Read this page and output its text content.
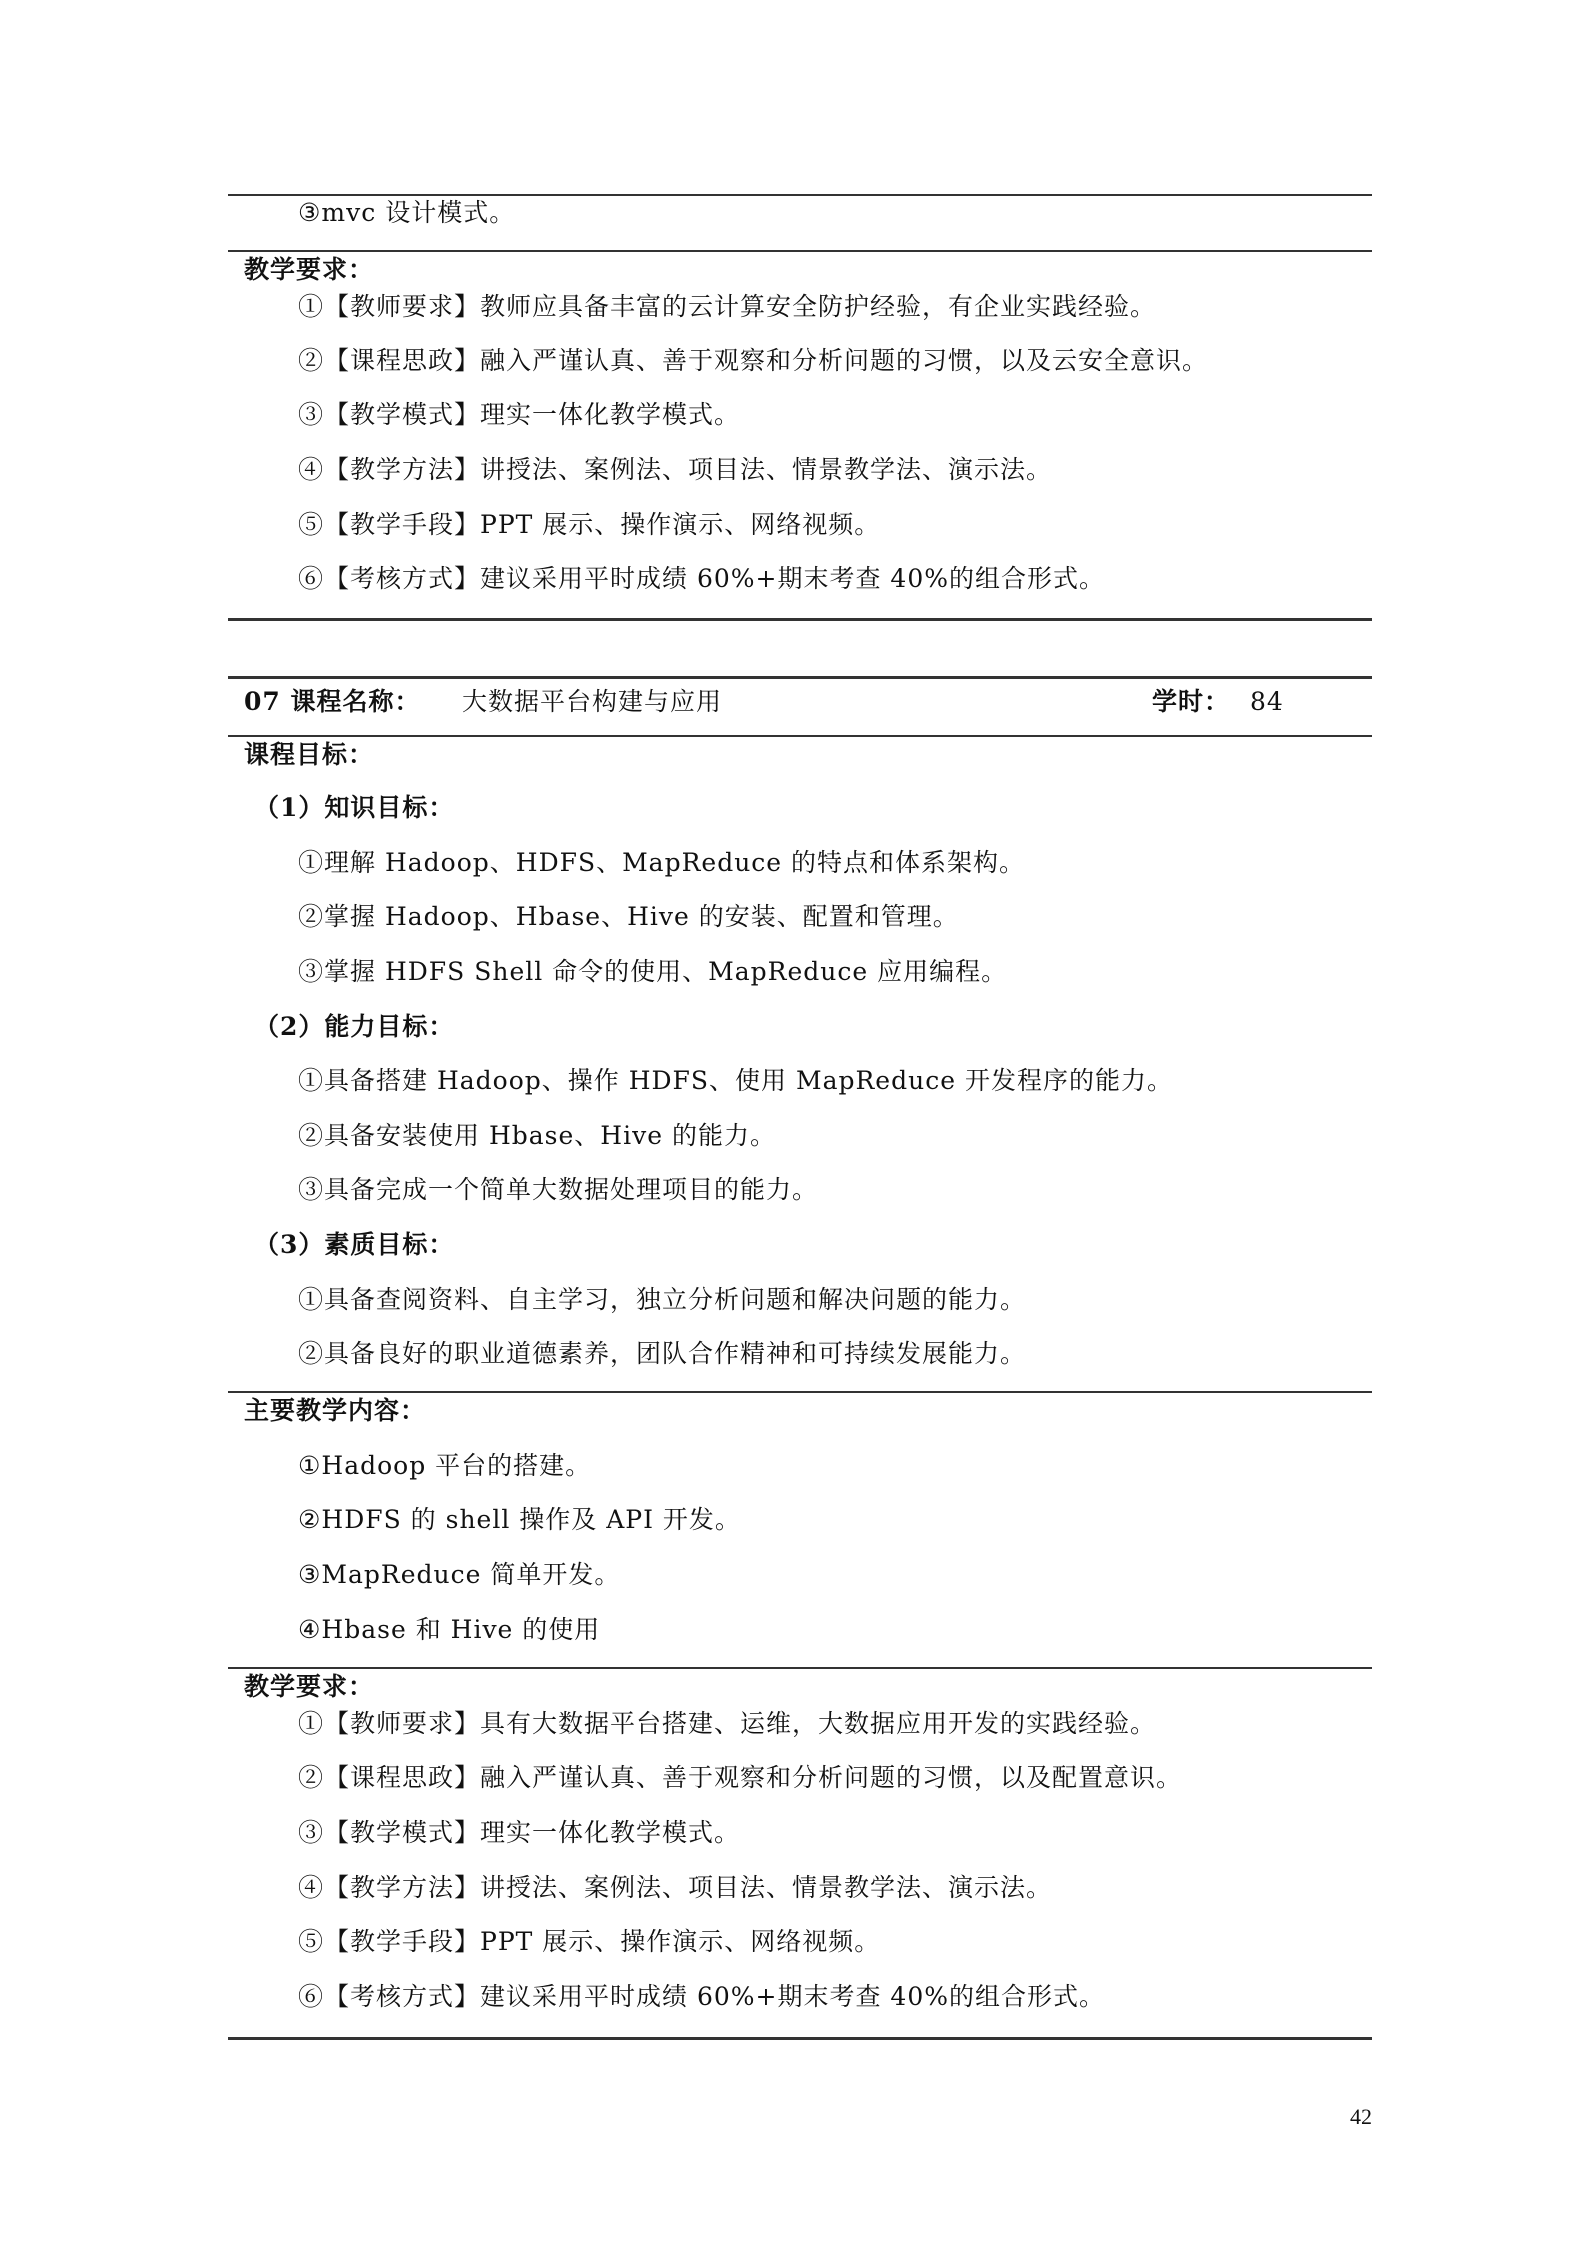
③mvc 设计模式。
教学要求：
①【教师要求】教师应具备丰富的云计算安全防护经验，有企业实践经验。
②【课程思政】融入严谨认真、善于观察和分析问题的习惯，以及云安全意识。
③【教学模式】理实一体化教学模式。
④【教学方法】讲授法、案例法、项目法、情景教学法、演示法。
⑤【教学手段】PPT 展示、操作演示、网络视频。
⑥【考核方式】建议采用平时成绩 60%+期末考查 40%的组合形式。
07 课程名称： 大数据平台构建与应用	学时： 84
课程目标：
（1）知识目标：
①理解 Hadoop、HDFS、MapReduce 的特点和体系架构。
②掌握 Hadoop、Hbase、Hive 的安装、配置和管理。
③掌握 HDFS Shell 命令的使用、MapReduce 应用编程。
（2）能力目标：
①具备搭建 Hadoop、操作 HDFS、使用 MapReduce 开发程序的能力。
②具备安装使用 Hbase、Hive 的能力。
③具备完成一个简单大数据处理项目的能力。
（3）素质目标：
①具备查阅资料、自主学习，独立分析问题和解决问题的能力。
②具备良好的职业道德素养，团队合作精神和可持续发展能力。
主要教学内容：
①Hadoop 平台的搭建。
②HDFS 的 shell 操作及 API 开发。
③MapReduce 简单开发。
④Hbase 和 Hive 的使用
教学要求：
①【教师要求】具有大数据平台搭建、运维，大数据应用开发的实践经验。
②【课程思政】融入严谨认真、善于观察和分析问题的习惯，以及配置意识。
③【教学模式】理实一体化教学模式。
④【教学方法】讲授法、案例法、项目法、情景教学法、演示法。
⑤【教学手段】PPT 展示、操作演示、网络视频。
⑥【考核方式】建议采用平时成绩 60%+期末考查 40%的组合形式。
42
